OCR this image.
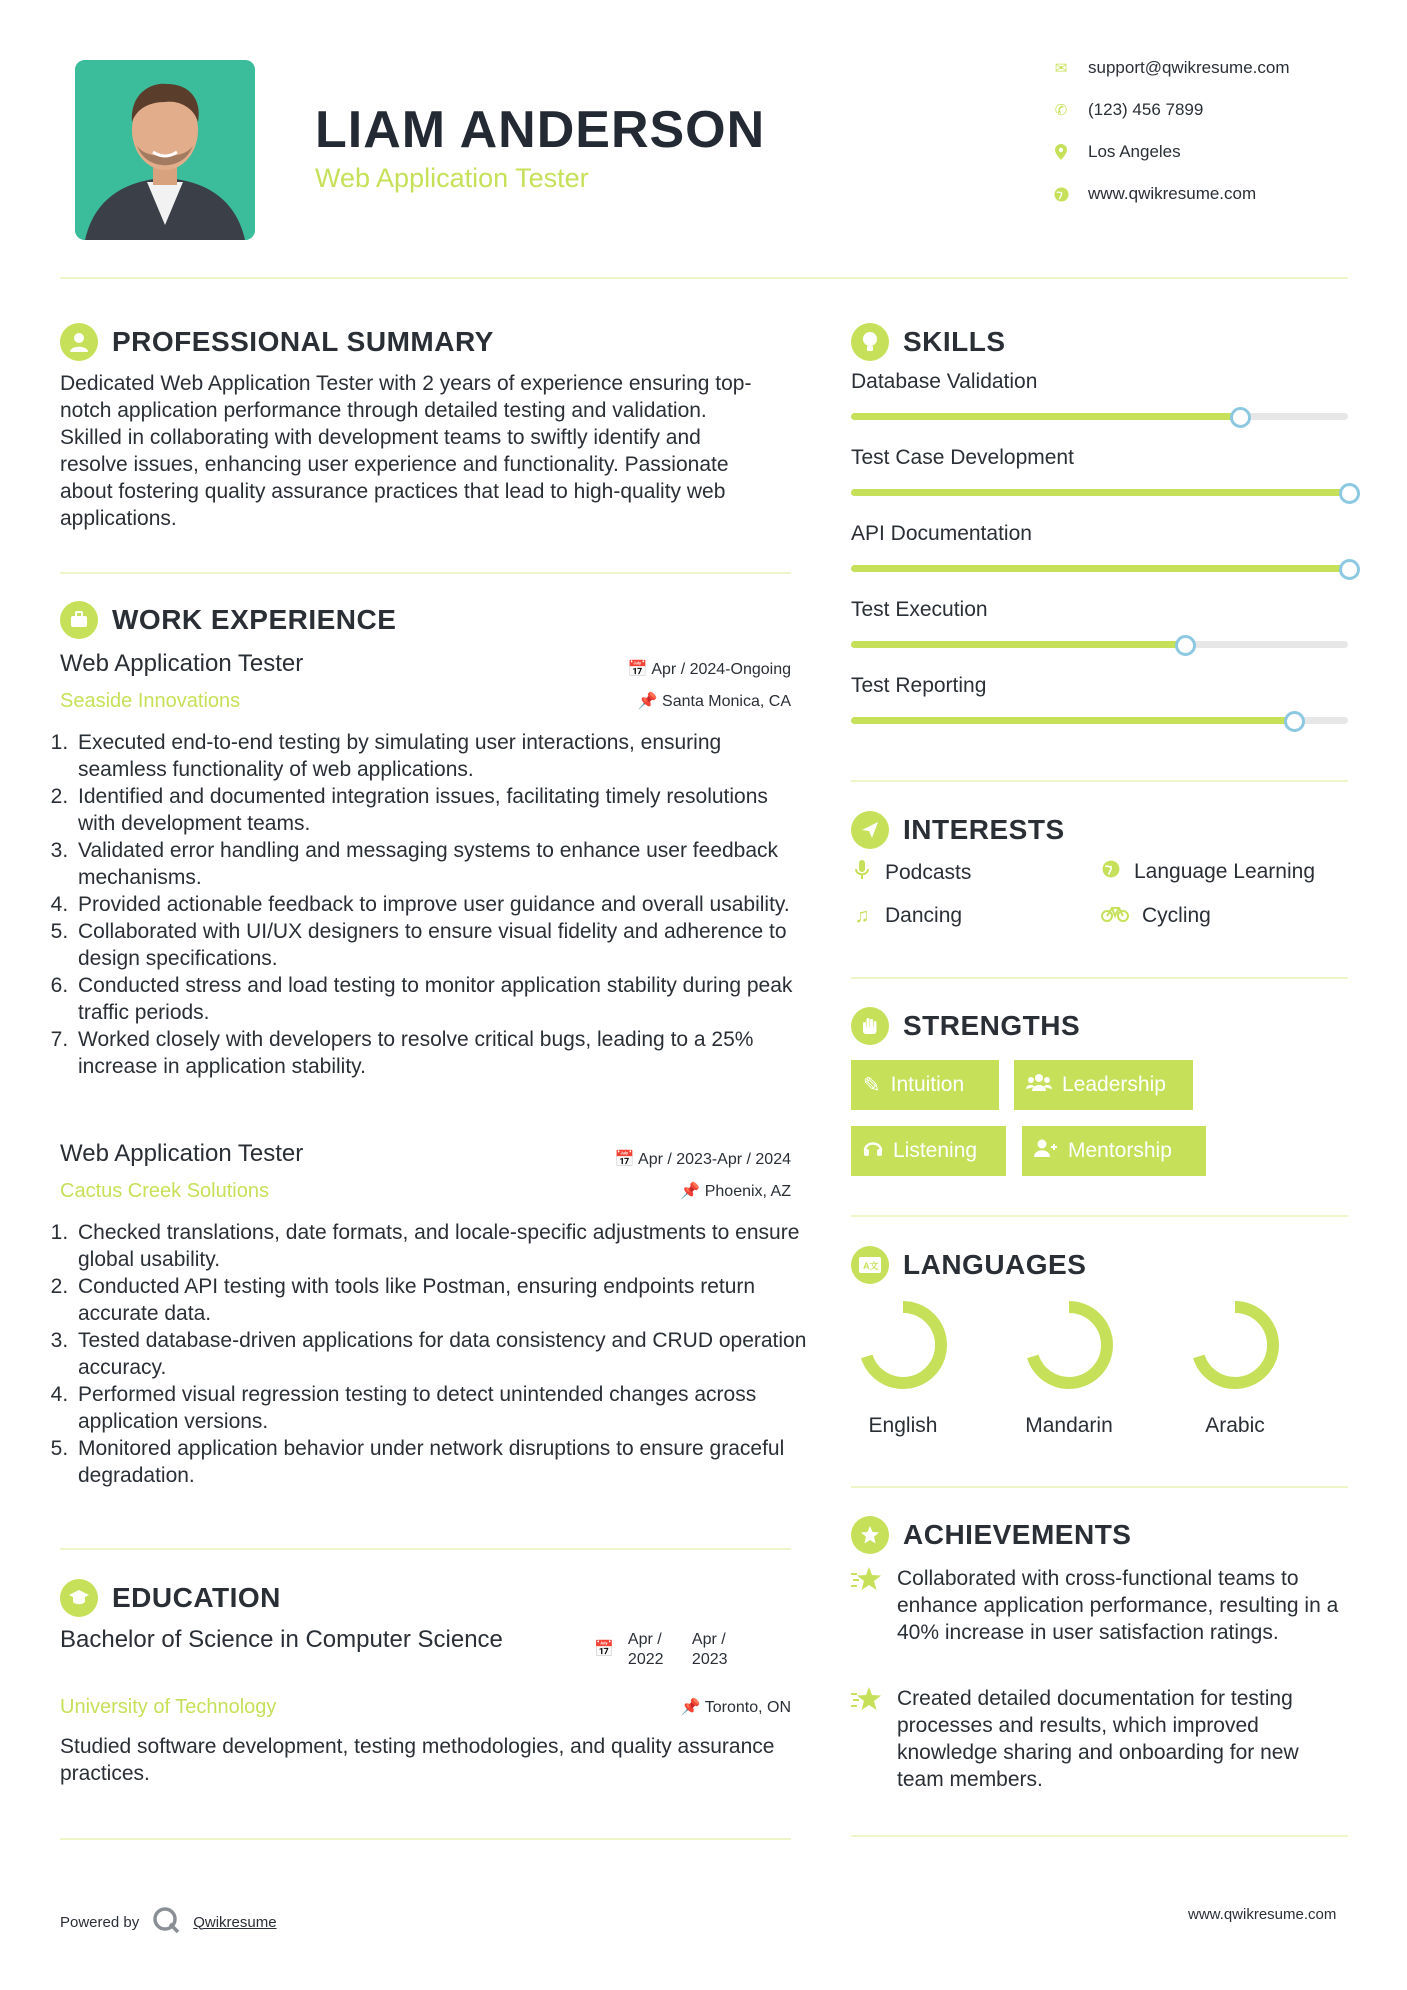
LIAM ANDERSON
Web Application Tester
✉ support@qwikresume.com
✆ (123) 456 7899
Los Angeles
www.qwikresume.com
PROFESSIONAL SUMMARY
Dedicated Web Application Tester with 2 years of experience ensuring top-notch application performance through detailed testing and validation. Skilled in collaborating with development teams to swiftly identify and resolve issues, enhancing user experience and functionality. Passionate about fostering quality assurance practices that lead to high-quality web applications.
WORK EXPERIENCE
Web Application Tester
Seaside Innovations
📅 Apr / 2024-Ongoing
📌 Santa Monica, CA
1. Executed end-to-end testing by simulating user interactions, ensuring seamless functionality of web applications.
2. Identified and documented integration issues, facilitating timely resolutions with development teams.
3. Validated error handling and messaging systems to enhance user feedback mechanisms.
4. Provided actionable feedback to improve user guidance and overall usability.
5. Collaborated with UI/UX designers to ensure visual fidelity and adherence to design specifications.
6. Conducted stress and load testing to monitor application stability during peak traffic periods.
7. Worked closely with developers to resolve critical bugs, leading to a 25% increase in application stability.
Web Application Tester
Cactus Creek Solutions
📅 Apr / 2023-Apr / 2024
📌 Phoenix, AZ
1. Checked translations, date formats, and locale-specific adjustments to ensure global usability.
2. Conducted API testing with tools like Postman, ensuring endpoints return accurate data.
3. Tested database-driven applications for data consistency and CRUD operation accuracy.
4. Performed visual regression testing to detect unintended changes across application versions.
5. Monitored application behavior under network disruptions to ensure graceful degradation.
EDUCATION
Bachelor of Science in Computer Science
University of Technology
📅
Apr / 2022
Apr / 2023
📌 Toronto, ON
Studied software development, testing methodologies, and quality assurance practices.
SKILLS
Database Validation
Test Case Development
API Documentation
Test Execution
Test Reporting
INTERESTS
Podcasts	Language Learning
♫ Dancing	Cycling
STRENGTHS
✎ Intuition	Leadership
Listening	Mentorship
A文 LANGUAGES
English	Mandarin	Arabic
ACHIEVEMENTS
Collaborated with cross-functional teams to enhance application performance, resulting in a 40% increase in user satisfaction ratings.
Created detailed documentation for testing processes and results, which improved knowledge sharing and onboarding for new team members.
Powered by	Qwikresume	www.qwikresume.com
